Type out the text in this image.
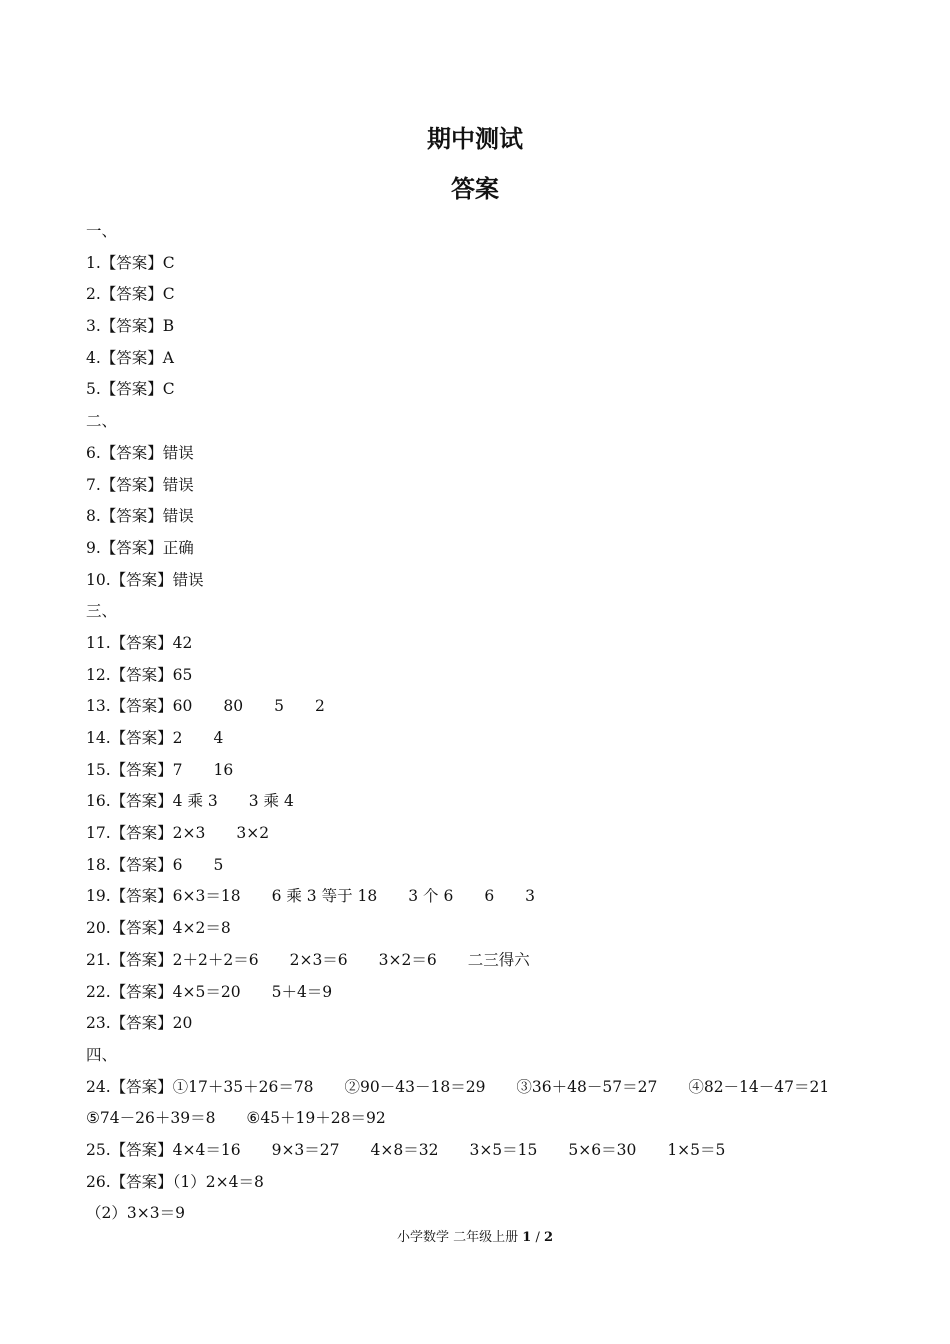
期中测试
答案
一、
1.【答案】C
2.【答案】C
3.【答案】B
4.【答案】A
5.【答案】C
二、
6.【答案】错误
7.【答案】错误
8.【答案】错误
9.【答案】正确
10.【答案】错误
三、
11.【答案】42
12.【答案】65
13.【答案】60　　80　　5　　2
14.【答案】2　　4
15.【答案】7　　16
16.【答案】4 乘 3　　3 乘 4
17.【答案】2×3　　3×2
18.【答案】6　　5
19.【答案】6×3＝18　　6 乘 3 等于 18　　3 个 6　　6　　3
20.【答案】4×2＝8
21.【答案】2＋2＋2＝6　　2×3＝6　　3×2＝6　　二三得六
22.【答案】4×5＝20　　5＋4＝9
23.【答案】20
四、
24.【答案】①17＋35＋26＝78　　②90－43－18＝29　　③36＋48－57＝27　　④82－14－47＝21
⑤74－26＋39＝8　　⑥45＋19＋28＝92
25.【答案】4×4＝16　　9×3＝27　　4×8＝32　　3×5＝15　　5×6＝30　　1×5＝5
26.【答案】（1）2×4＝8
（2）3×3＝9
小学数学 二年级上册 1 / 2
